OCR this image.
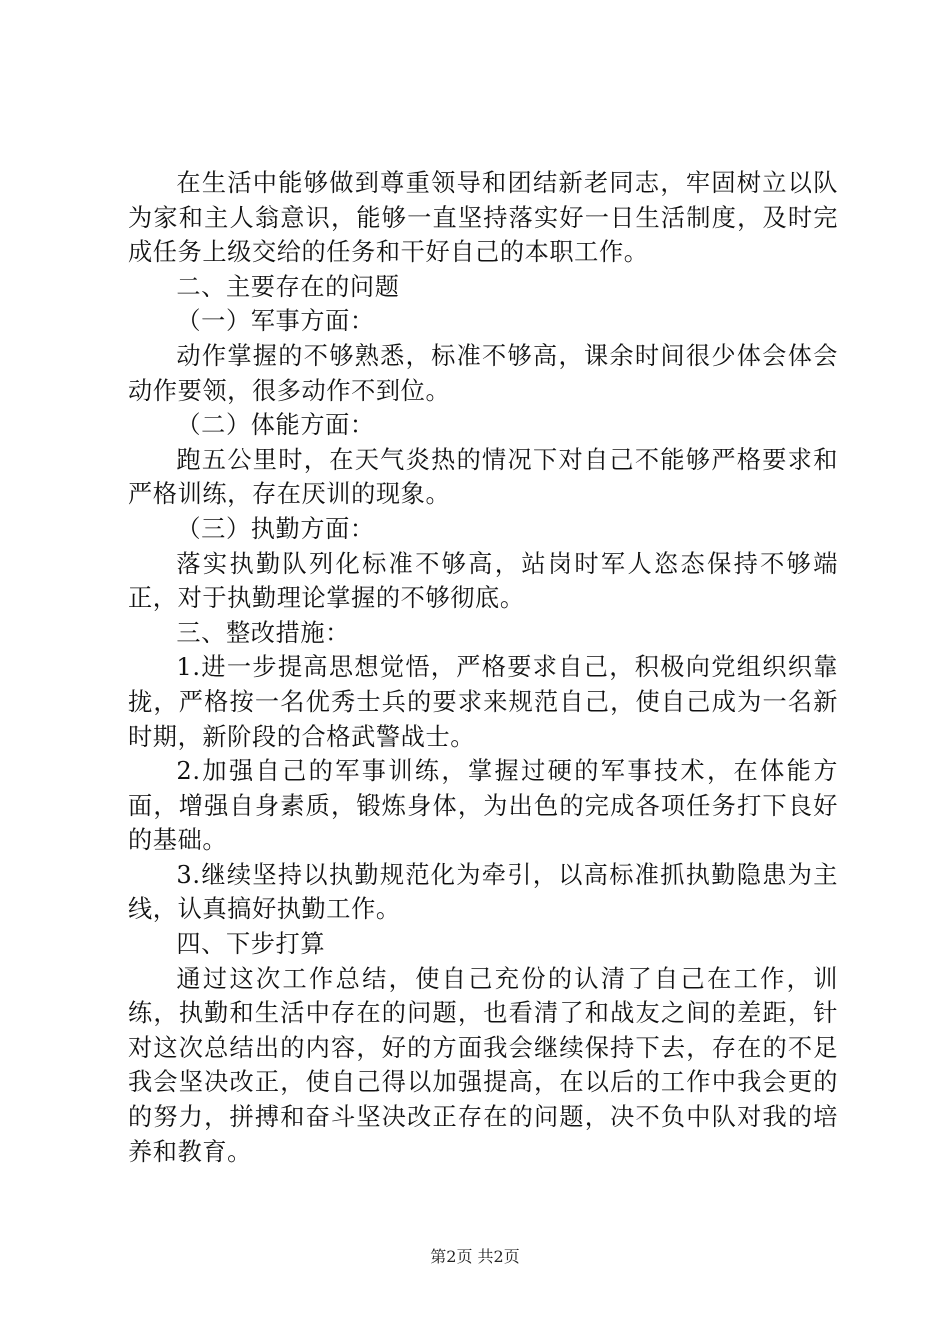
在生活中能够做到尊重领导和团结新老同志，牢固树立以队为家和主人翁意识，能够一直坚持落实好一日生活制度，及时完成任务上级交给的任务和干好自己的本职工作。

二、主要存在的问题

（一）军事方面：

动作掌握的不够熟悉，标准不够高，课余时间很少体会体会动作要领，很多动作不到位。

（二）体能方面：

跑五公里时，在天气炎热的情况下对自己不能够严格要求和严格训练，存在厌训的现象。

（三）执勤方面：

落实执勤队列化标准不够高，站岗时军人恣态保持不够端正，对于执勤理论掌握的不够彻底。

三、整改措施：

1.进一步提高思想觉悟，严格要求自己，积极向党组织织靠拢，严格按一名优秀士兵的要求来规范自己，使自己成为一名新时期，新阶段的合格武警战士。

2.加强自己的军事训练，掌握过硬的军事技术，在体能方面，增强自身素质，锻炼身体，为出色的完成各项任务打下良好的基础。

3.继续坚持以执勤规范化为牵引，以高标准抓执勤隐患为主线，认真搞好执勤工作。

四、下步打算

通过这次工作总结，使自己充份的认清了自己在工作，训练，执勤和生活中存在的问题，也看清了和战友之间的差距，针对这次总结出的内容，好的方面我会继续保持下去，存在的不足我会坚决改正，使自己得以加强提高，在以后的工作中我会更的的努力，拼搏和奋斗坚决改正存在的问题，决不负中队对我的培养和教育。

第2页 共2页
